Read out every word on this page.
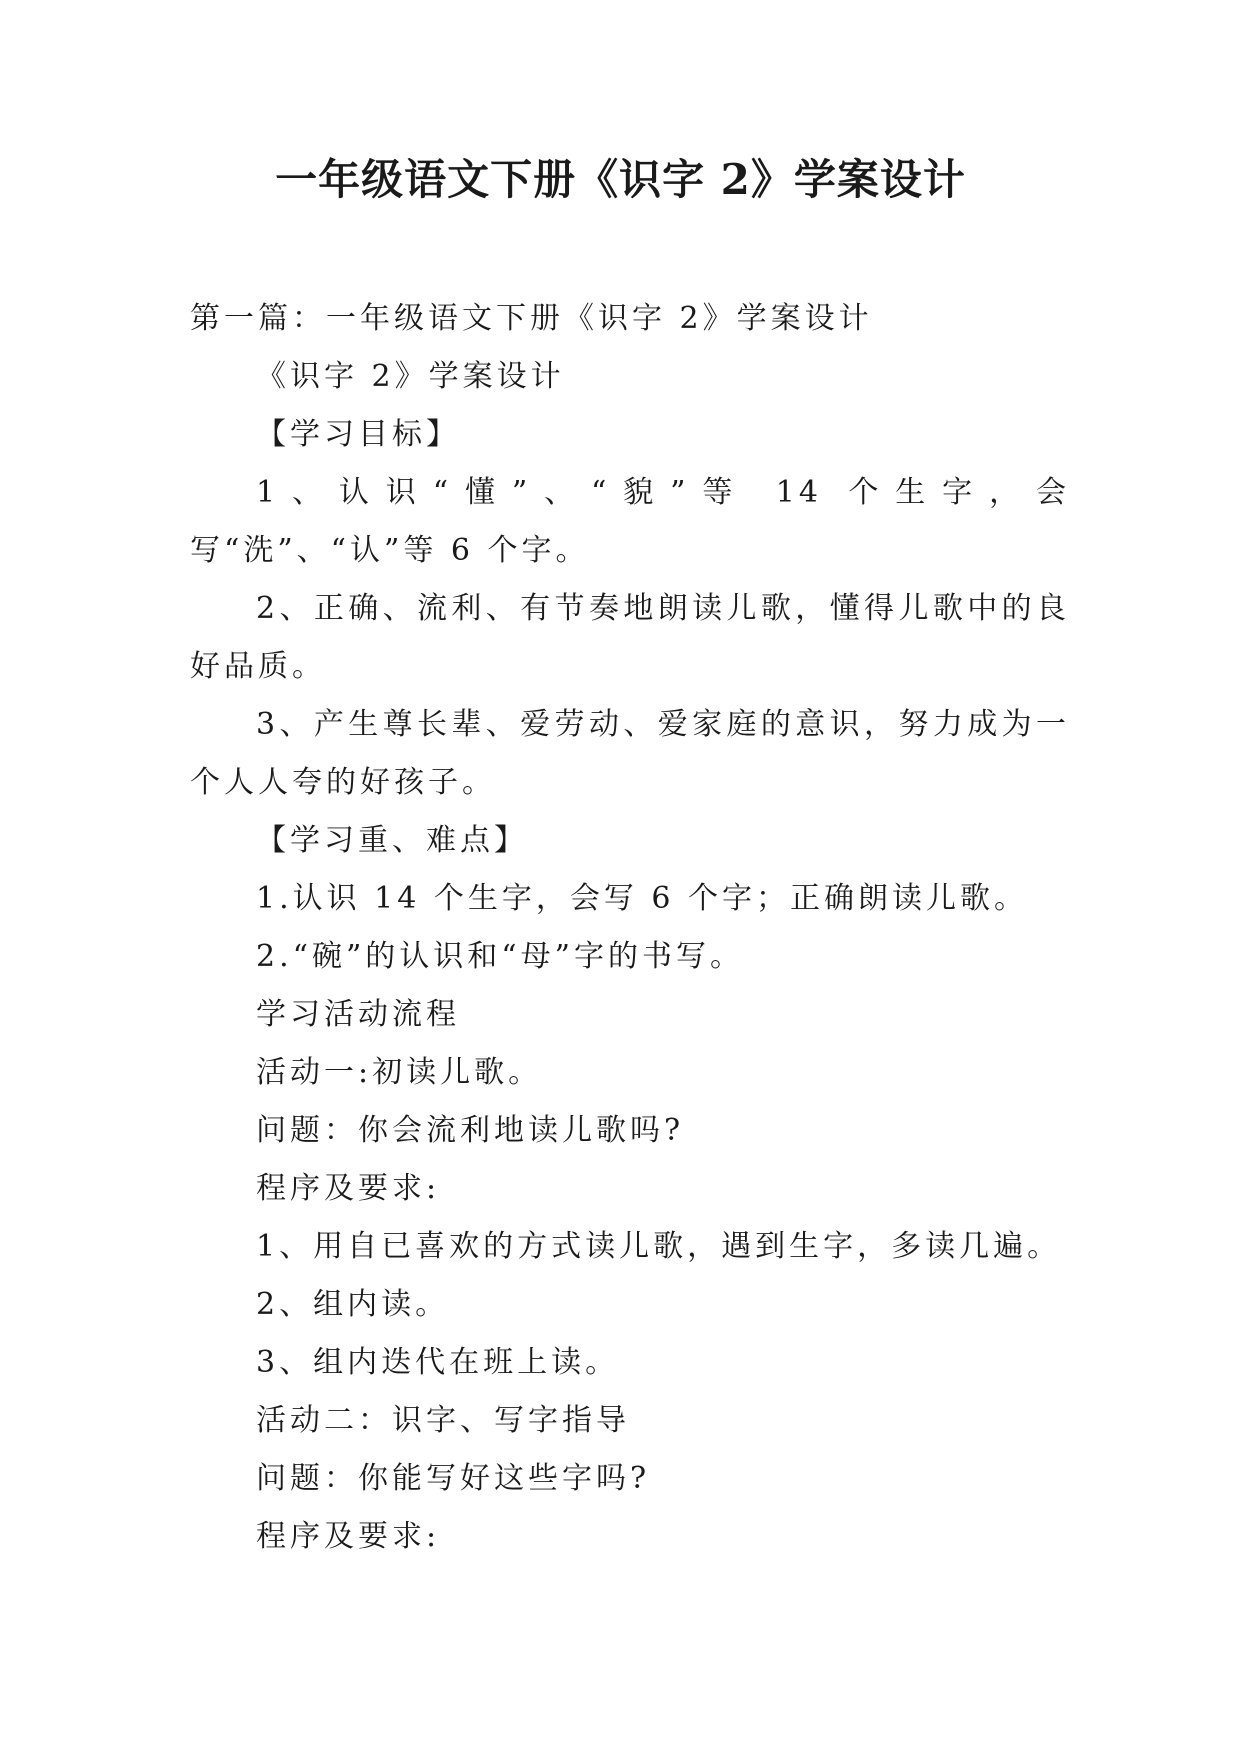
一年级语文下册《识字 2》学案设计

第一篇：一年级语文下册《识字 2》学案设计

《识字 2》学案设计

【学习目标】

1、认识“懂”、“貌”等 14 个生字，会写“洗”、“认”等 6 个字。

2、正确、流利、有节奏地朗读儿歌，懂得儿歌中的良好品质。

3、产生尊长辈、爱劳动、爱家庭的意识，努力成为一个人人夸的好孩子。

【学习重、难点】

1.认识 14 个生字，会写 6 个字；正确朗读儿歌。

2.“碗”的认识和“母”字的书写。

学习活动流程

活动一:初读儿歌。

问题：你会流利地读儿歌吗?

程序及要求:

1、用自已喜欢的方式读儿歌，遇到生字，多读几遍。

2、组内读。

3、组内迭代在班上读。

活动二：识字、写字指导

问题：你能写好这些字吗?

程序及要求:
